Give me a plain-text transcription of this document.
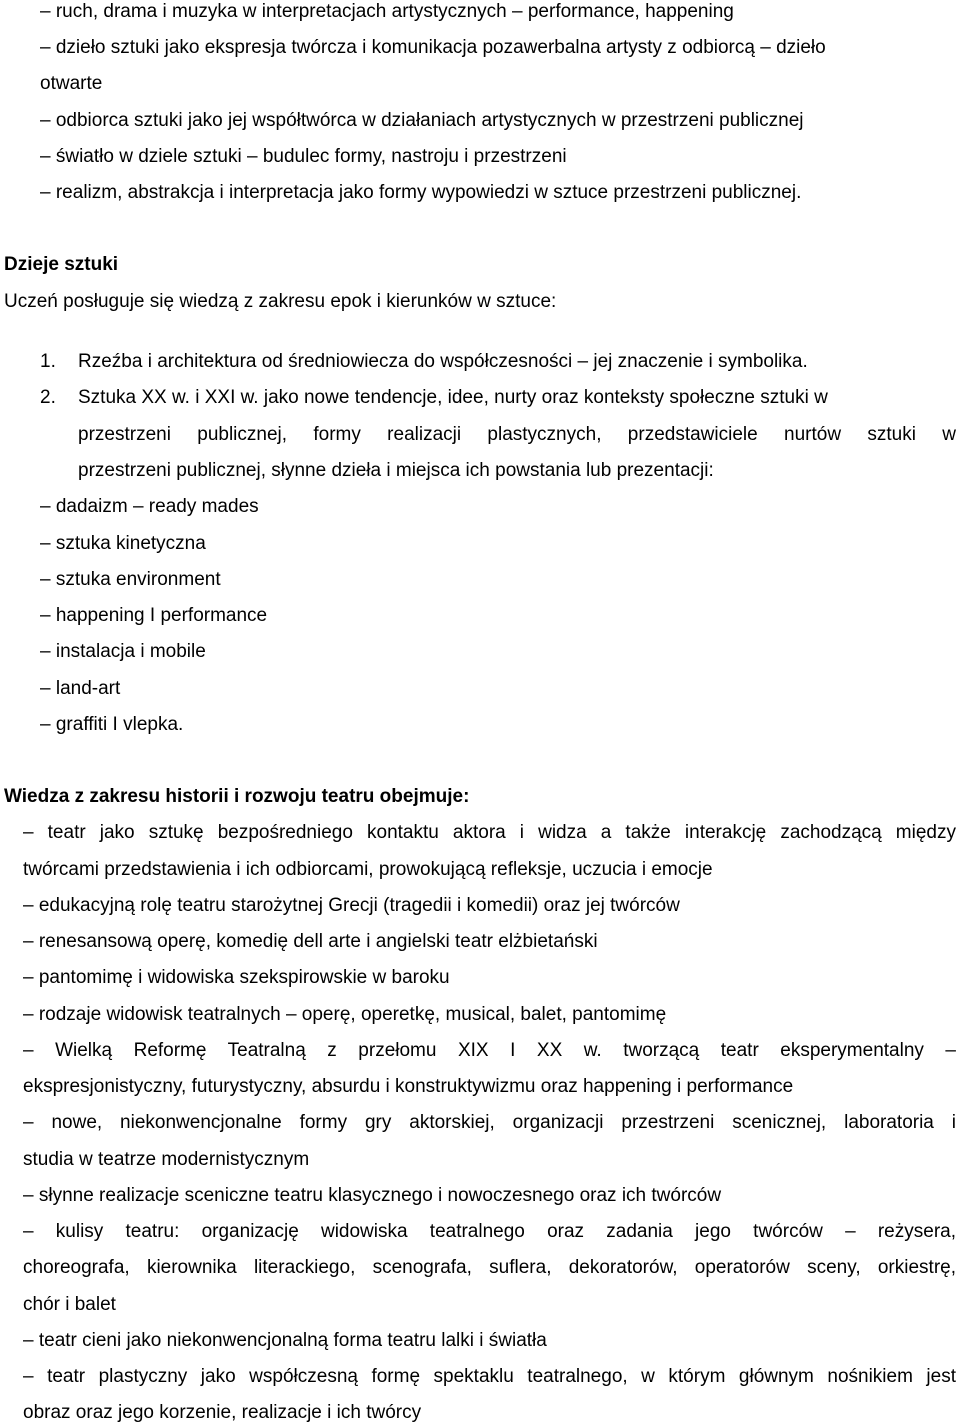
– ruch, drama i muzyka w interpretacjach artystycznych – performance, happening
– dzieło sztuki jako ekspresja twórcza i komunikacja pozawerbalna artysty z odbiorcą – dzieło
otwarte
– odbiorca sztuki jako jej współtwórca w działaniach artystycznych w przestrzeni publicznej
– światło w dziele sztuki – budulec formy, nastroju i przestrzeni
– realizm, abstrakcja i interpretacja jako formy wypowiedzi w sztuce przestrzeni publicznej.
Dzieje sztuki
Uczeń posługuje się wiedzą z zakresu epok i kierunków w sztuce:
1. Rzeźba i architektura od średniowiecza do współczesności – jej znaczenie i symbolika.
2. Sztuka XX w. i XXI w. jako nowe tendencje, idee, nurty oraz konteksty społeczne sztuki w
przestrzeni publicznej, formy realizacji plastycznych, przedstawiciele nurtów sztuki w
przestrzeni publicznej, słynne dzieła i miejsca ich powstania lub prezentacji:
– dadaizm – ready mades
– sztuka kinetyczna
– sztuka environment
– happening I performance
– instalacja i mobile
– land-art
– graffiti I vlepka.
Wiedza z zakresu historii i rozwoju teatru obejmuje:
– teatr jako sztukę bezpośredniego kontaktu aktora i widza a także interakcję zachodzącą między
twórcami przedstawienia i ich odbiorcami, prowokującą refleksje, uczucia i emocje
– edukacyjną rolę teatru starożytnej Grecji (tragedii i komedii) oraz jej twórców
– renesansową operę, komedię dell arte i angielski teatr elżbietański
– pantomimę i widowiska szekspirowskie w baroku
– rodzaje widowisk teatralnych – operę, operetkę, musical, balet, pantomimę
– Wielką Reformę Teatralną z przełomu XIX I XX w. tworzącą teatr eksperymentalny –
ekspresjonistyczny, futurystyczny, absurdu i konstruktywizmu oraz happening i performance
– nowe, niekonwencjonalne formy gry aktorskiej, organizacji przestrzeni scenicznej, laboratoria i
studia w teatrze modernistycznym
– słynne realizacje sceniczne teatru klasycznego i nowoczesnego oraz ich twórców
– kulisy teatru: organizację widowiska teatralnego oraz zadania jego twórców – reżysera,
choreografa, kierownika literackiego, scenografa, suflera, dekoratorów, operatorów sceny, orkiestrę,
chór i balet
– teatr cieni jako niekonwencjonalną forma teatru lalki i światła
– teatr plastyczny jako współczesną formę spektaklu teatralnego, w którym głównym nośnikiem jest
obraz oraz jego korzenie, realizacje i ich twórcy
